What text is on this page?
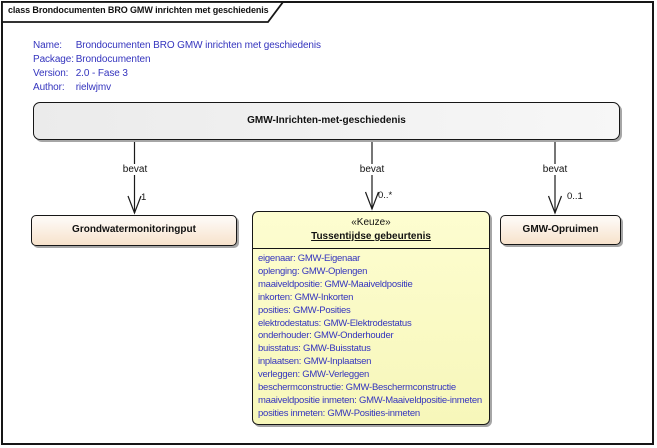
class Brondocumenten BRO GMW inrichten met geschiedenis
Name: Brondocumenten BRO GMW inrichten met geschiedenis
Package: Brondocumenten
Version: 2.0 - Fase 3
Author: rielwjmv
GMW-Inrichten-met-geschiedenis
bevat	bevat	bevat
1	0..*	0..1
Grondwatermonitoringput	GMW-Opruimen
«Keuze»
Tussentijdse gebeurtenis
eigenaar: GMW-Eigenaar
oplenging: GMW-Oplengen
maaiveldpositie: GMW-Maaiveldpositie
inkorten: GMW-Inkorten
posities: GMW-Posities
elektrodestatus: GMW-Elektrodestatus
onderhouder: GMW-Onderhouder
buisstatus: GMW-Buisstatus
inplaatsen: GMW-Inplaatsen
verleggen: GMW-Verleggen
beschermconstructie: GMW-Beschermconstructie
maaiveldpositie inmeten: GMW-Maaiveldpositie-inmeten
posities inmeten: GMW-Posities-inmeten
